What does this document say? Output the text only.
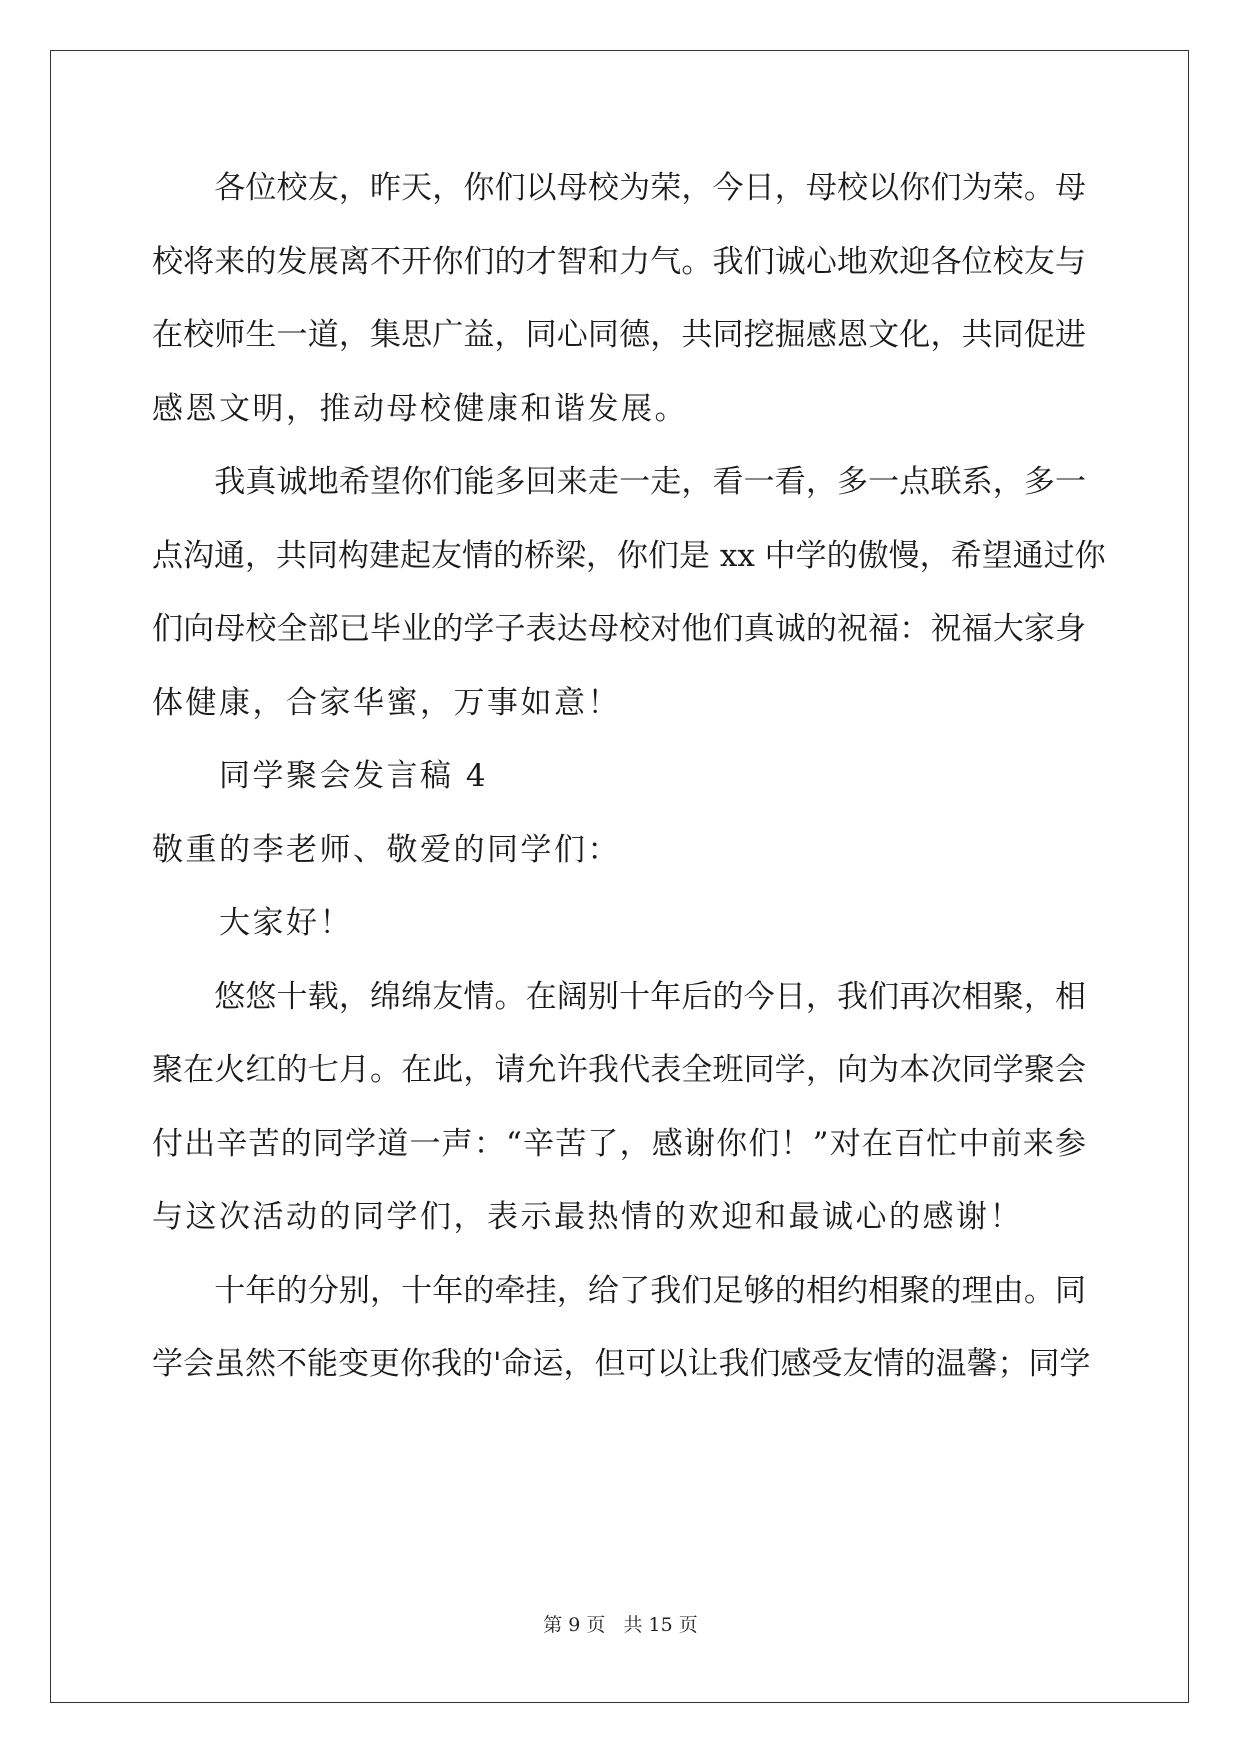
　　各位校友，昨天，你们以母校为荣，今日，母校以你们为荣。母
校将来的发展离不开你们的才智和力气。我们诚心地欢迎各位校友与
在校师生一道，集思广益，同心同德，共同挖掘感恩文化，共同促进
感恩文明，推动母校健康和谐发展。
　　我真诚地希望你们能多回来走一走，看一看，多一点联系，多一
点沟通，共同构建起友情的桥梁，你们是 xx 中学的傲慢，希望通过你
们向母校全部已毕业的学子表达母校对他们真诚的祝福：祝福大家身
体健康，合家华蜜，万事如意！
　　同学聚会发言稿 4
敬重的李老师、敬爱的同学们：
　　大家好！
　　悠悠十载，绵绵友情。在阔别十年后的今日，我们再次相聚，相
聚在火红的七月。在此，请允许我代表全班同学，向为本次同学聚会
付出辛苦的同学道一声：“辛苦了，感谢你们！”对在百忙中前来参
与这次活动的同学们，表示最热情的欢迎和最诚心的感谢！
　　十年的分别，十年的牵挂，给了我们足够的相约相聚的理由。同
学会虽然不能变更你我的'命运，但可以让我们感受友情的温馨；同学
第 9 页 共 15 页
